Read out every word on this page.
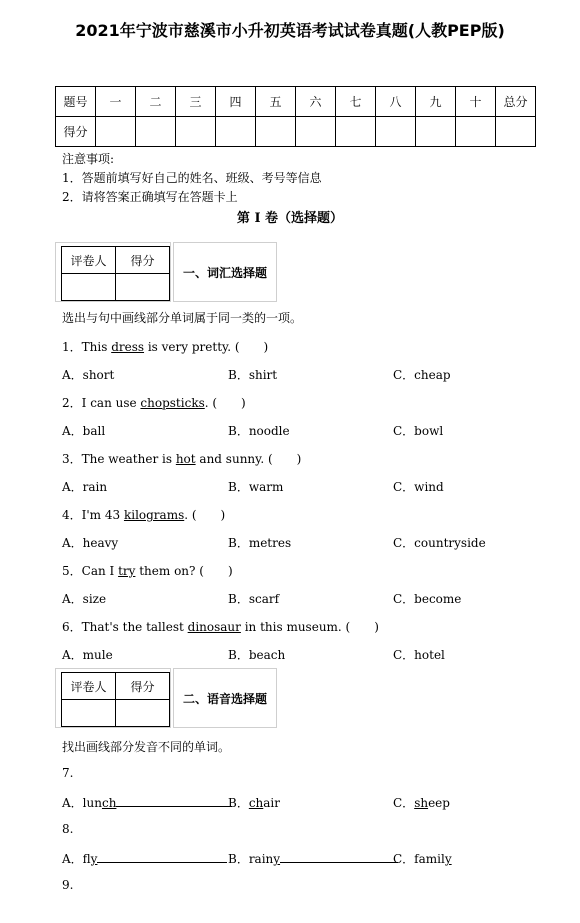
2021年宁波市慈溪市小升初英语考试试卷真题(人教PEP版)
题号	一	二	三	四	五	六	七	八	九	十	总分
得分											
注意事项:
1．答题前填写好自己的姓名、班级、考号等信息
2．请将答案正确填写在答题卡上
第 I 卷（选择题）
评卷人	得分

一、词汇选择题
选出与句中画线部分单词属于同一类的一项。
1．This dress is very pretty. (　　)
A．short	B．shirt	C．cheap
2．I can use chopsticks. (　　)
A．ball	B．noodle	C．bowl
3．The weather is hot and sunny. (　　)
A．rain	B．warm	C．wind
4．I'm 43 kilograms. (　　)
A．heavy	B．metres	C．countryside
5．Can I try them on? (　　)
A．size	B．scarf	C．become
6．That's the tallest dinosaur in this museum. (　　)
A．mule	B．beach	C．hotel
评卷人	得分

二、语音选择题
找出画线部分发音不同的单词。
7.
A．lunch	B．chair	C．sheep
8.
A．fly	B．rainy	C．family
9.
